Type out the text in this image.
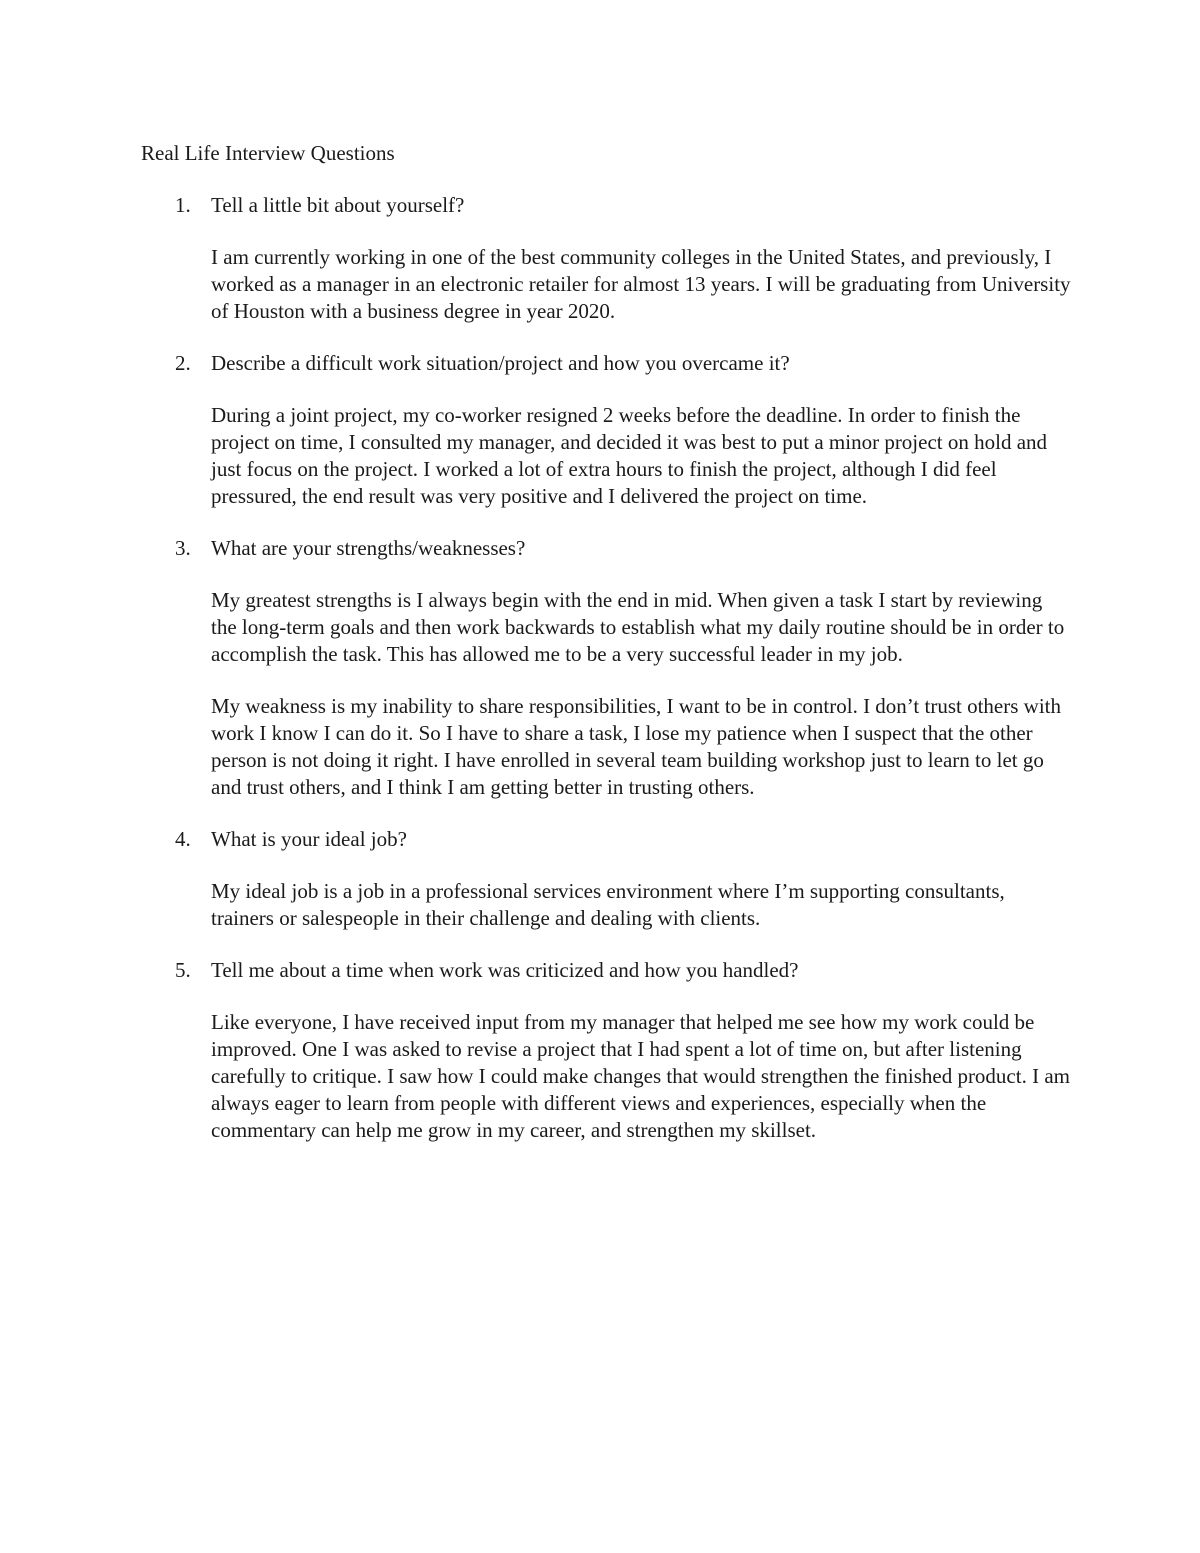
Real Life Interview Questions
1. Tell a little bit about yourself?

I am currently working in one of the best community colleges in the United States, and previously, I worked as a manager in an electronic retailer for almost 13 years. I will be graduating from University of Houston with a business degree in year 2020.

2. Describe a difficult work situation/project and how you overcame it?

During a joint project, my co-worker resigned 2 weeks before the deadline. In order to finish the project on time, I consulted my manager, and decided it was best to put a minor project on hold and just focus on the project. I worked a lot of extra hours to finish the project, although I did feel pressured, the end result was very positive and I delivered the project on time.

3. What are your strengths/weaknesses?

My greatest strengths is I always begin with the end in mid. When given a task I start by reviewing the long-term goals and then work backwards to establish what my daily routine should be in order to accomplish the task. This has allowed me to be a very successful leader in my job.

My weakness is my inability to share responsibilities, I want to be in control. I don’t trust others with work I know I can do it. So I have to share a task, I lose my patience when I suspect that the other person is not doing it right. I have enrolled in several team building workshop just to learn to let go and trust others, and I think I am getting better in trusting others.

4. What is your ideal job?

My ideal job is a job in a professional services environment where I’m supporting consultants, trainers or salespeople in their challenge and dealing with clients.

5. Tell me about a time when work was criticized and how you handled?

Like everyone, I have received input from my manager that helped me see how my work could be improved. One I was asked to revise a project that I had spent a lot of time on, but after listening carefully to critique. I saw how I could make changes that would strengthen the finished product. I am always eager to learn from people with different views and experiences, especially when the commentary can help me grow in my career, and strengthen my skillset.
